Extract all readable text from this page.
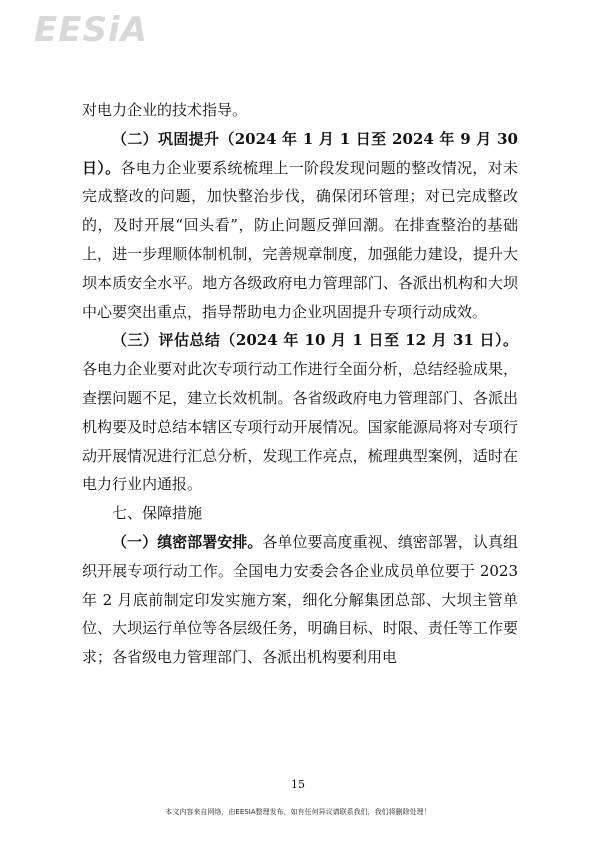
EESiA

对电力企业的技术指导。

（二）巩固提升（2024 年 1 月 1 日至 2024 年 9 月 30 日）。各电力企业要系统梳理上一阶段发现问题的整改情况，对未完成整改的问题，加快整治步伐，确保闭环管理；对已完成整改的，及时开展“回头看”，防止问题反弹回潮。在排查整治的基础上，进一步理顺体制机制，完善规章制度，加强能力建设，提升大坝本质安全水平。地方各级政府电力管理部门、各派出机构和大坝中心要突出重点，指导帮助电力企业巩固提升专项行动成效。

（三）评估总结（2024 年 10 月 1 日至 12 月 31 日）。各电力企业要对此次专项行动工作进行全面分析，总结经验成果，查摆问题不足，建立长效机制。各省级政府电力管理部门、各派出机构要及时总结本辖区专项行动开展情况。国家能源局将对专项行动开展情况进行汇总分析，发现工作亮点，梳理典型案例，适时在电力行业内通报。

七、保障措施

（一）缜密部署安排。各单位要高度重视、缜密部署，认真组织开展专项行动工作。全国电力安委会各企业成员单位要于 2023 年 2 月底前制定印发实施方案，细化分解集团总部、大坝主管单位、大坝运行单位等各层级任务，明确目标、时限、责任等工作要求；各省级电力管理部门、各派出机构要利用电

15
本文内容来自网络，由EESIA整理发布，如有任何异议请联系我们，我们将删除处理！
